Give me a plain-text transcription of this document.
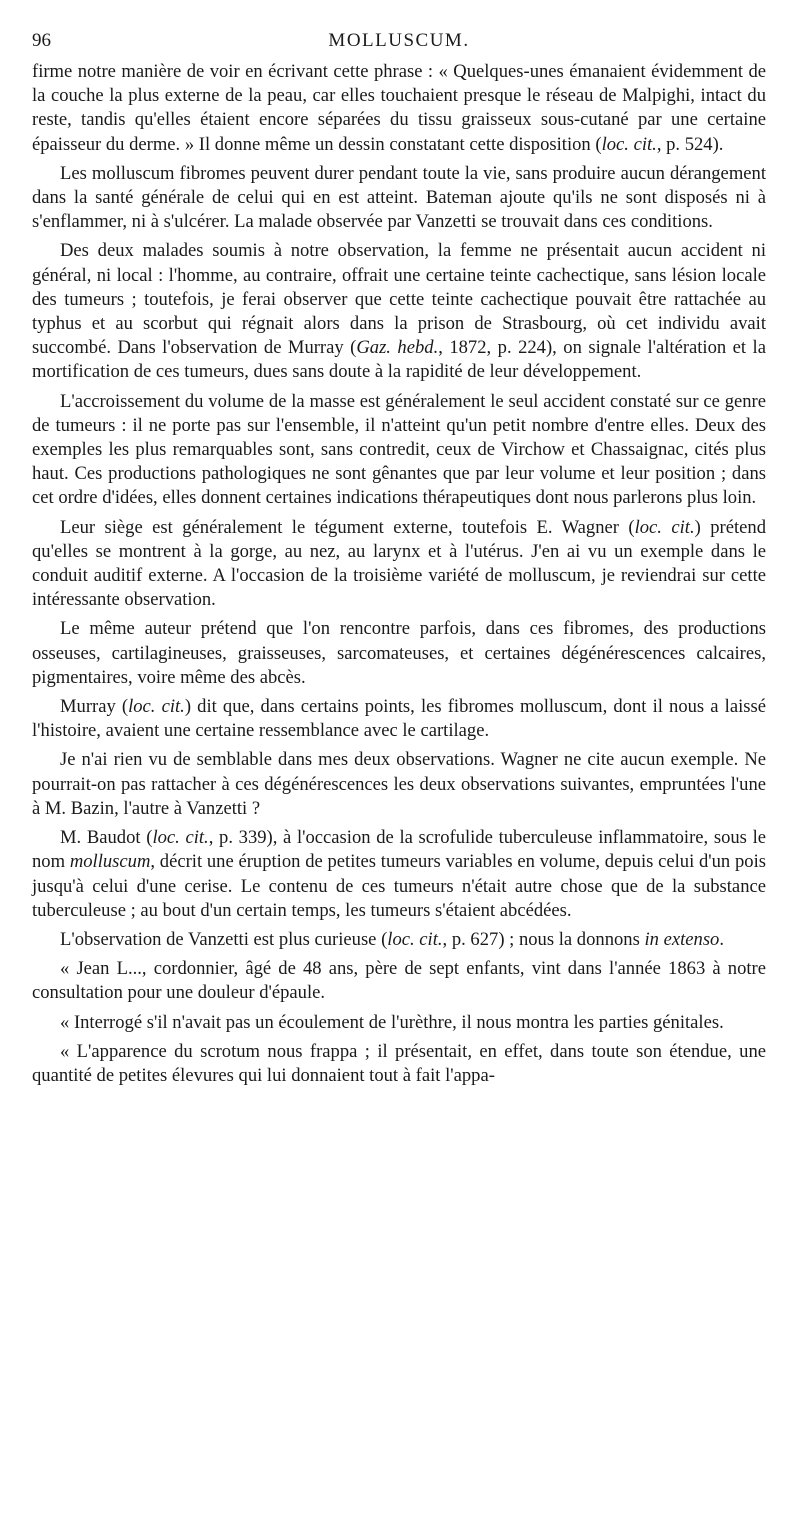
96	MOLLUSCUM.

firme notre manière de voir en écrivant cette phrase : « Quelques-unes émanaient évidemment de la couche la plus externe de la peau, car elles touchaient presque le réseau de Malpighi, intact du reste, tandis qu'elles étaient encore séparées du tissu graisseux sous-cutané par une certaine épaisseur du derme. » Il donne même un dessin constatant cette disposition (loc. cit., p. 524).

Les molluscum fibromes peuvent durer pendant toute la vie, sans produire aucun dérangement dans la santé générale de celui qui en est atteint. Bateman ajoute qu'ils ne sont disposés ni à s'enflammer, ni à s'ulcérer. La malade observée par Vanzetti se trouvait dans ces conditions.

Des deux malades soumis à notre observation, la femme ne présentait aucun accident ni général, ni local : l'homme, au contraire, offrait une certaine teinte cachectique, sans lésion locale des tumeurs ; toutefois, je ferai observer que cette teinte cachectique pouvait être rattachée au typhus et au scorbut qui régnait alors dans la prison de Strasbourg, où cet individu avait succombé. Dans l'observation de Murray (Gaz. hebd., 1872, p. 224), on signale l'altération et la mortification de ces tumeurs, dues sans doute à la rapidité de leur développement.

L'accroissement du volume de la masse est généralement le seul accident constaté sur ce genre de tumeurs : il ne porte pas sur l'ensemble, il n'atteint qu'un petit nombre d'entre elles. Deux des exemples les plus remarquables sont, sans contredit, ceux de Virchow et Chassaignac, cités plus haut. Ces productions pathologiques ne sont gênantes que par leur volume et leur position ; dans cet ordre d'idées, elles donnent certaines indications thérapeutiques dont nous parlerons plus loin.

Leur siège est généralement le tégument externe, toutefois E. Wagner (loc. cit.) prétend qu'elles se montrent à la gorge, au nez, au larynx et à l'utérus. J'en ai vu un exemple dans le conduit auditif externe. A l'occasion de la troisième variété de molluscum, je reviendrai sur cette intéressante observation.

Le même auteur prétend que l'on rencontre parfois, dans ces fibromes, des productions osseuses, cartilagineuses, graisseuses, sarcomateuses, et certaines dégénérescences calcaires, pigmentaires, voire même des abcès.

Murray (loc. cit.) dit que, dans certains points, les fibromes molluscum, dont il nous a laissé l'histoire, avaient une certaine ressemblance avec le cartilage.

Je n'ai rien vu de semblable dans mes deux observations. Wagner ne cite aucun exemple. Ne pourrait-on pas rattacher à ces dégénérescences les deux observations suivantes, empruntées l'une à M. Bazin, l'autre à Vanzetti ?

M. Baudot (loc. cit., p. 339), à l'occasion de la scrofulide tuberculeuse inflammatoire, sous le nom molluscum, décrit une éruption de petites tumeurs variables en volume, depuis celui d'un pois jusqu'à celui d'une cerise. Le contenu de ces tumeurs n'était autre chose que de la substance tuberculeuse ; au bout d'un certain temps, les tumeurs s'étaient abcédées.

L'observation de Vanzetti est plus curieuse (loc. cit., p. 627) ; nous la donnons in extenso.

« Jean L..., cordonnier, âgé de 48 ans, père de sept enfants, vint dans l'année 1863 à notre consultation pour une douleur d'épaule.

« Interrogé s'il n'avait pas un écoulement de l'urèthre, il nous montra les parties génitales.

« L'apparence du scrotum nous frappa ; il présentait, en effet, dans toute son étendue, une quantité de petites élevures qui lui donnaient tout à fait l'appa-
